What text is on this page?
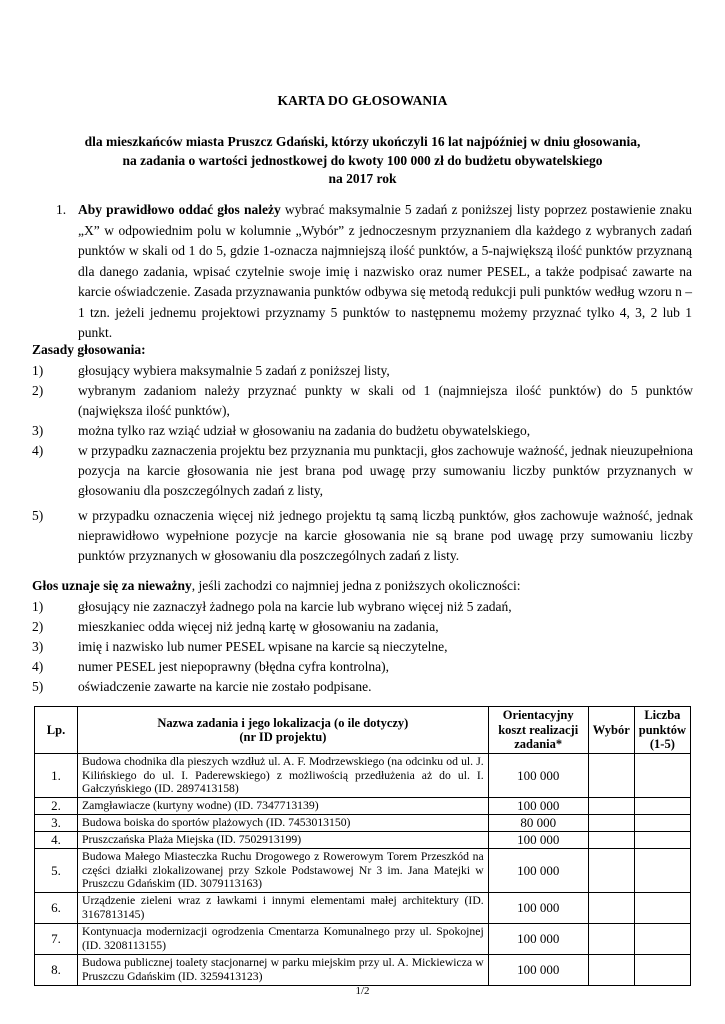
KARTA DO GŁOSOWANIA
dla mieszkańców miasta Pruszcz Gdański, którzy ukończyli 16 lat najpóźniej w dniu głosowania,
na zadania o wartości jednostkowej do kwoty 100 000 zł do budżetu obywatelskiego
na 2017 rok
1. Aby prawidłowo oddać głos należy wybrać maksymalnie 5 zadań z poniższej listy poprzez postawienie znaku „X” w odpowiednim polu w kolumnie „Wybór” z jednoczesnym przyznaniem dla każdego z wybranych zadań punktów w skali od 1 do 5, gdzie 1-oznacza najmniejszą ilość punktów, a 5-największą ilość punktów przyznaną dla danego zadania, wpisać czytelnie swoje imię i nazwisko oraz numer PESEL, a także podpisać zawarte na karcie oświadczenie. Zasada przyznawania punktów odbywa się metodą redukcji puli punktów według wzoru n – 1 tzn. jeżeli jednemu projektowi przyznamy 5 punktów to następnemu możemy przyznać tylko 4, 3, 2 lub 1 punkt.
Zasady głosowania:
1)	głosujący wybiera maksymalnie 5 zadań z poniższej listy,
2)	wybranym zadaniom należy przyznać punkty w skali od 1 (najmniejsza ilość punktów) do 5 punktów (największa ilość punktów),
3)	można tylko raz wziąć udział w głosowaniu na zadania do budżetu obywatelskiego,
4)	w przypadku zaznaczenia projektu bez przyznania mu punktacji, głos zachowuje ważność, jednak nieuzupełniona pozycja na karcie głosowania nie jest brana pod uwagę przy sumowaniu liczby punktów przyznanych w głosowaniu dla poszczególnych zadań z listy,
5)	w przypadku oznaczenia więcej niż jednego projektu tą samą liczbą punktów, głos zachowuje ważność, jednak nieprawidłowo wypełnione pozycje na karcie głosowania nie są brane pod uwagę przy sumowaniu liczby punktów przyznanych w głosowaniu dla poszczególnych zadań z listy.
Głos uznaje się za nieważny, jeśli zachodzi co najmniej jedna z poniższych okoliczności:
1)	głosujący nie zaznaczył żadnego pola na karcie lub wybrano więcej niż 5 zadań,
2)	mieszkaniec odda więcej niż jedną kartę w głosowaniu na zadania,
3)	imię i nazwisko lub numer PESEL wpisane na karcie są nieczytelne,
4)	numer PESEL jest niepoprawny (błędna cyfra kontrolna),
5)	oświadczenie zawarte na karcie nie zostało podpisane.
Lp.	Nazwa zadania i jego lokalizacja (o ile dotyczy)
(nr ID projektu)	Orientacyjny koszt realizacji zadania*	Wybór	Liczba punktów (1-5)
1.	Budowa chodnika dla pieszych wzdłuż ul. A. F. Modrzewskiego (na odcinku od ul. J. Kilińskiego do ul. I. Paderewskiego) z możliwością przedłużenia aż do ul. I. Gałczyńskiego (ID. 2897413158)	100 000		
2.	Zamgławiacze (kurtyny wodne) (ID. 7347713139)	100 000		
3.	Budowa boiska do sportów plażowych (ID. 7453013150)	80 000		
4.	Pruszczańska Plaża Miejska (ID. 7502913199)	100 000		
5.	Budowa Małego Miasteczka Ruchu Drogowego z Rowerowym Torem Przeszkód na części działki zlokalizowanej przy Szkole Podstawowej Nr 3 im. Jana Matejki w Pruszczu Gdańskim (ID. 3079113163)	100 000		
6.	Urządzenie zieleni wraz z ławkami i innymi elementami małej architektury (ID. 3167813145)	100 000		
7.	Kontynuacja modernizacji ogrodzenia Cmentarza Komunalnego przy ul. Spokojnej (ID. 3208113155)	100 000		
8.	Budowa publicznej toalety stacjonarnej w parku miejskim przy ul. A. Mickiewicza w Pruszczu Gdańskim (ID. 3259413123)	100 000		
1/2
